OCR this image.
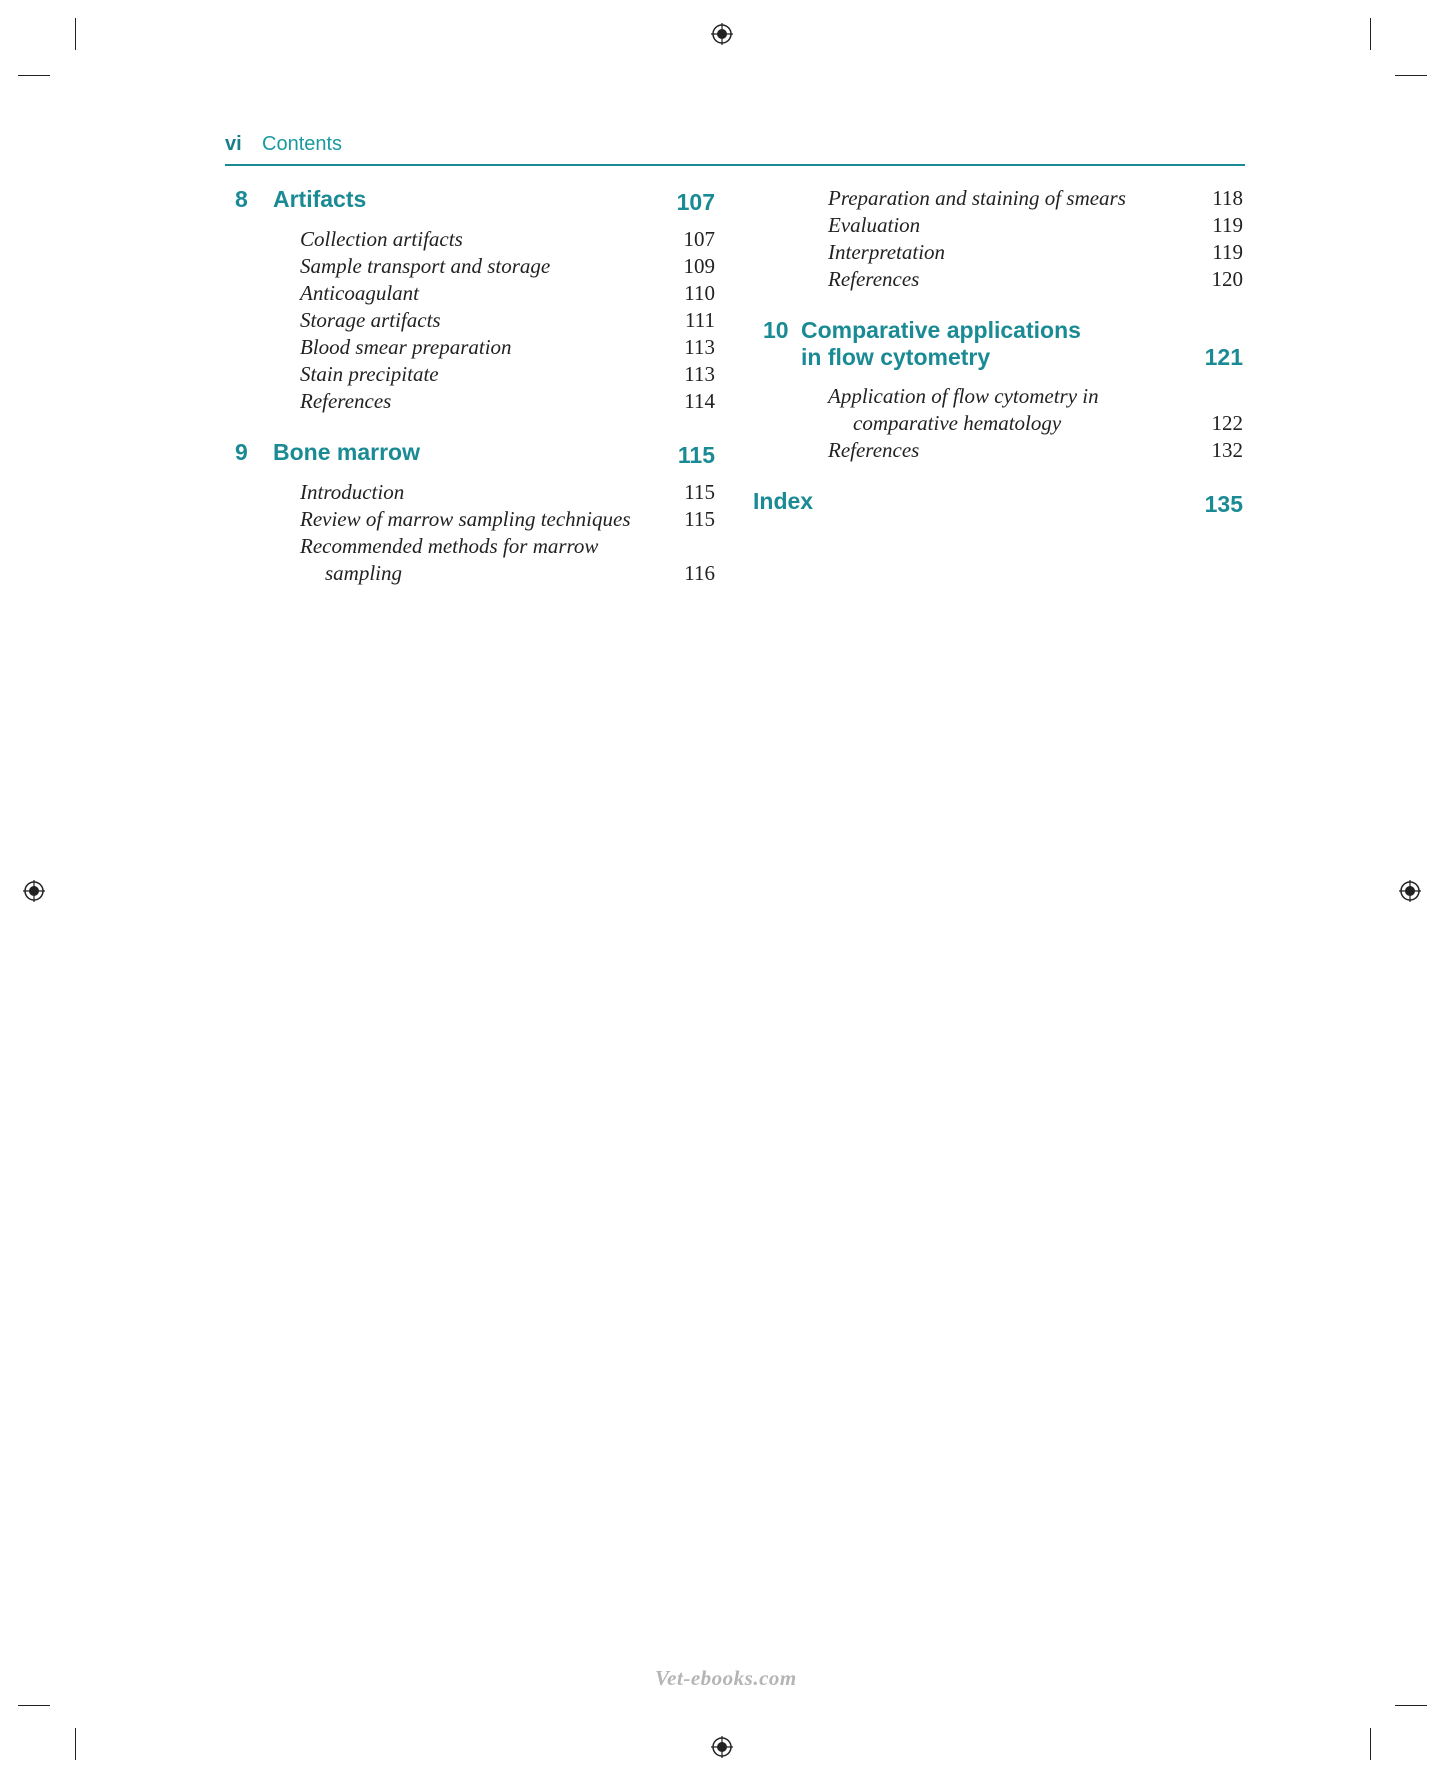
vi Contents
8 Artifacts	107
Collection artifacts	107
Sample transport and storage	109
Anticoagulant	110
Storage artifacts	111
Blood smear preparation	113
Stain precipitate	113
References	114
9 Bone marrow	115
Introduction	115
Review of marrow sampling techniques	115
Recommended methods for marrow
sampling	116
Preparation and staining of smears	118
Evaluation	119
Interpretation	119
References	120
10 Comparative applications
in flow cytometry	121
Application of flow cytometry in
comparative hematology	122
References	132
Index	135
Vet-ebooks.com
